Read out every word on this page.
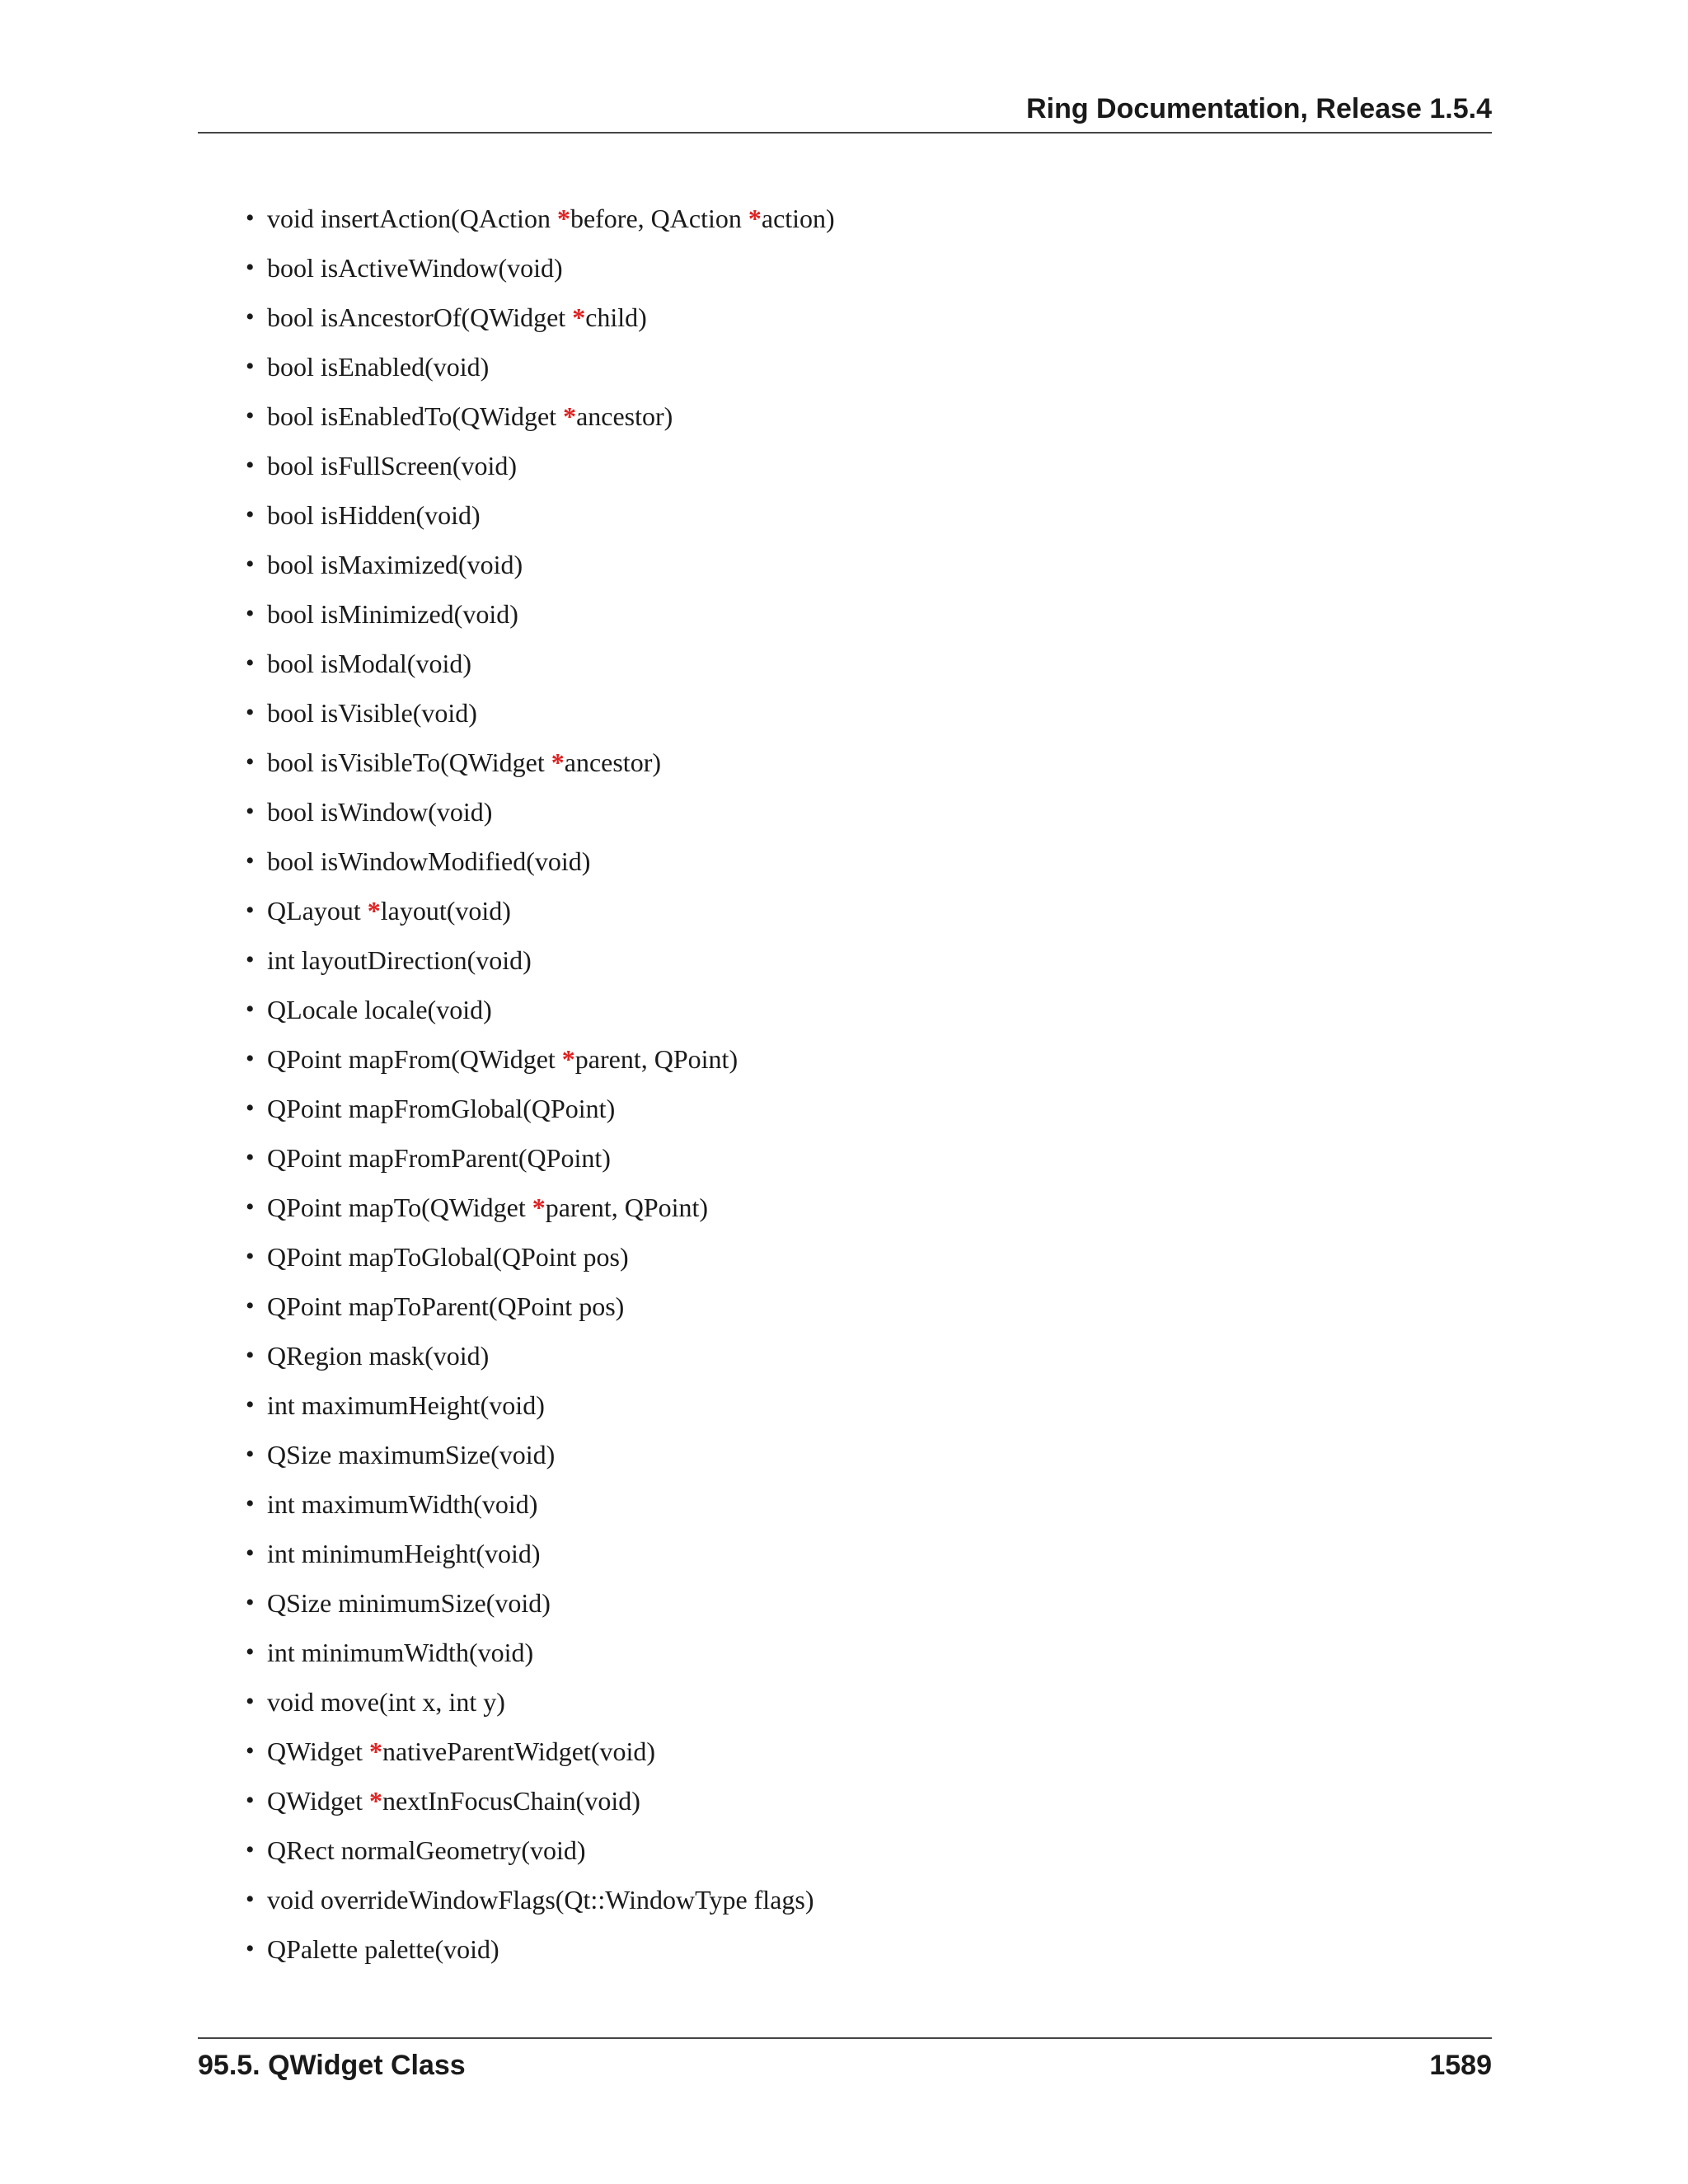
Ring Documentation, Release 1.5.4
• void insertAction(QAction *before, QAction *action)
• bool isActiveWindow(void)
• bool isAncestorOf(QWidget *child)
• bool isEnabled(void)
• bool isEnabledTo(QWidget *ancestor)
• bool isFullScreen(void)
• bool isHidden(void)
• bool isMaximized(void)
• bool isMinimized(void)
• bool isModal(void)
• bool isVisible(void)
• bool isVisibleTo(QWidget *ancestor)
• bool isWindow(void)
• bool isWindowModified(void)
• QLayout *layout(void)
• int layoutDirection(void)
• QLocale locale(void)
• QPoint mapFrom(QWidget *parent, QPoint)
• QPoint mapFromGlobal(QPoint)
• QPoint mapFromParent(QPoint)
• QPoint mapTo(QWidget *parent, QPoint)
• QPoint mapToGlobal(QPoint pos)
• QPoint mapToParent(QPoint pos)
• QRegion mask(void)
• int maximumHeight(void)
• QSize maximumSize(void)
• int maximumWidth(void)
• int minimumHeight(void)
• QSize minimumSize(void)
• int minimumWidth(void)
• void move(int x, int y)
• QWidget *nativeParentWidget(void)
• QWidget *nextInFocusChain(void)
• QRect normalGeometry(void)
• void overrideWindowFlags(Qt::WindowType flags)
• QPalette palette(void)
95.5. QWidget Class	1589
